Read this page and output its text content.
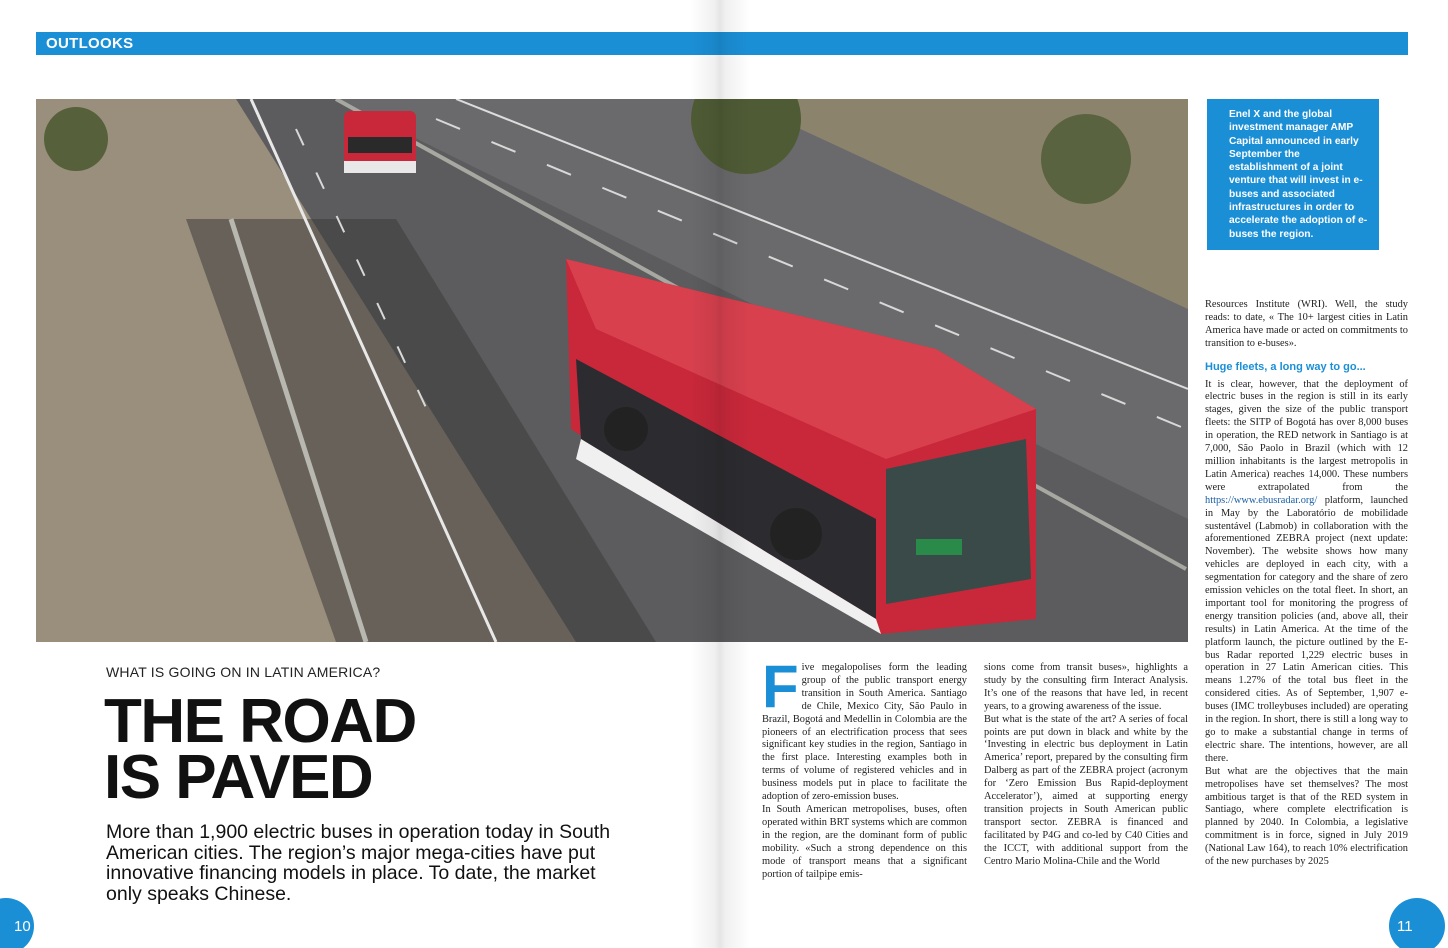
OUTLOOKS

Enel X and the global investment manager AMP Capital announced in early September the establishment of a joint venture that will invest in e-buses and associated infrastructures in order to accelerate the adoption of e-buses the region.

WHAT IS GOING ON IN LATIN AMERICA?
THE ROAD
IS PAVED
More than 1,900 electric buses in operation today in South American cities. The region’s major mega-cities have put innovative financing models in place. To date, the market only speaks Chinese.
F ive megalopolises form the leading group of the public transport energy transition in South America. Santiago de Chile, Mexico City, São Paulo in Brazil, Bogotá and Medellin in Colombia are the pioneers of an electrification process that sees significant key studies in the region, Santiago in the first place. Interesting examples both in terms of volume of registered vehicles and in business models put in place to facilitate the adoption of zero-emission buses.

In South American metropolises, buses, often operated within BRT systems which are common in the region, are the dominant form of public mobility. «Such a strong dependence on this mode of transport means that a significant portion of tailpipe emis-

sions come from transit buses», highlights a study by the consulting firm Interact Analysis. It’s one of the reasons that have led, in recent years, to a growing awareness of the issue.

But what is the state of the art? A series of focal points are put down in black and white by the ‘Investing in electric bus deployment in Latin America’ report, prepared by the consulting firm Dalberg as part of the ZEBRA project (acronym for ‘Zero Emission Bus Rapid-deployment Accelerator’), aimed at supporting energy transition projects in South American public transport sector. ZEBRA is financed and facilitated by P4G and co-led by C40 Cities and the ICCT, with additional support from the Centro Mario Molina-Chile and the World

Resources Institute (WRI). Well, the study reads: to date, « The 10+ largest cities in Latin America have made or acted on commitments to transition to e-buses».

Huge fleets, a long way to go...

It is clear, however, that the deployment of electric buses in the region is still in its early stages, given the size of the public transport fleets: the SITP of Bogotá has over 8,000 buses in operation, the RED network in Santiago is at 7,000, São Paolo in Brazil (which with 12 million inhabitants is the largest metropolis in Latin America) reaches 14,000. These numbers were extrapolated from the https://www.ebusradar.org/ platform, launched in May by the Laboratório de mobilidade sustentável (Labmob) in collaboration with the aforementioned ZEBRA project (next update: November). The website shows how many vehicles are deployed in each city, with a segmentation for category and the share of zero emission vehicles on the total fleet. In short, an important tool for monitoring the progress of energy transition policies (and, above all, their results) in Latin America. At the time of the platform launch, the picture outlined by the E-bus Radar reported 1,229 electric buses in operation in 27 Latin American cities. This means 1.27% of the total bus fleet in the considered cities. As of September, 1,907 e-buses (IMC trolleybuses included) are operating in the region. In short, there is still a long way to go to make a substantial change in terms of electric share. The intentions, however, are all there.

But what are the objectives that the main metropolises have set themselves? The most ambitious target is that of the RED system in Santiago, where complete electrification is planned by 2040. In Colombia, a legislative commitment is in force, signed in July 2019 (National Law 164), to reach 10% electrification of the new purchases by 2025

10	11
